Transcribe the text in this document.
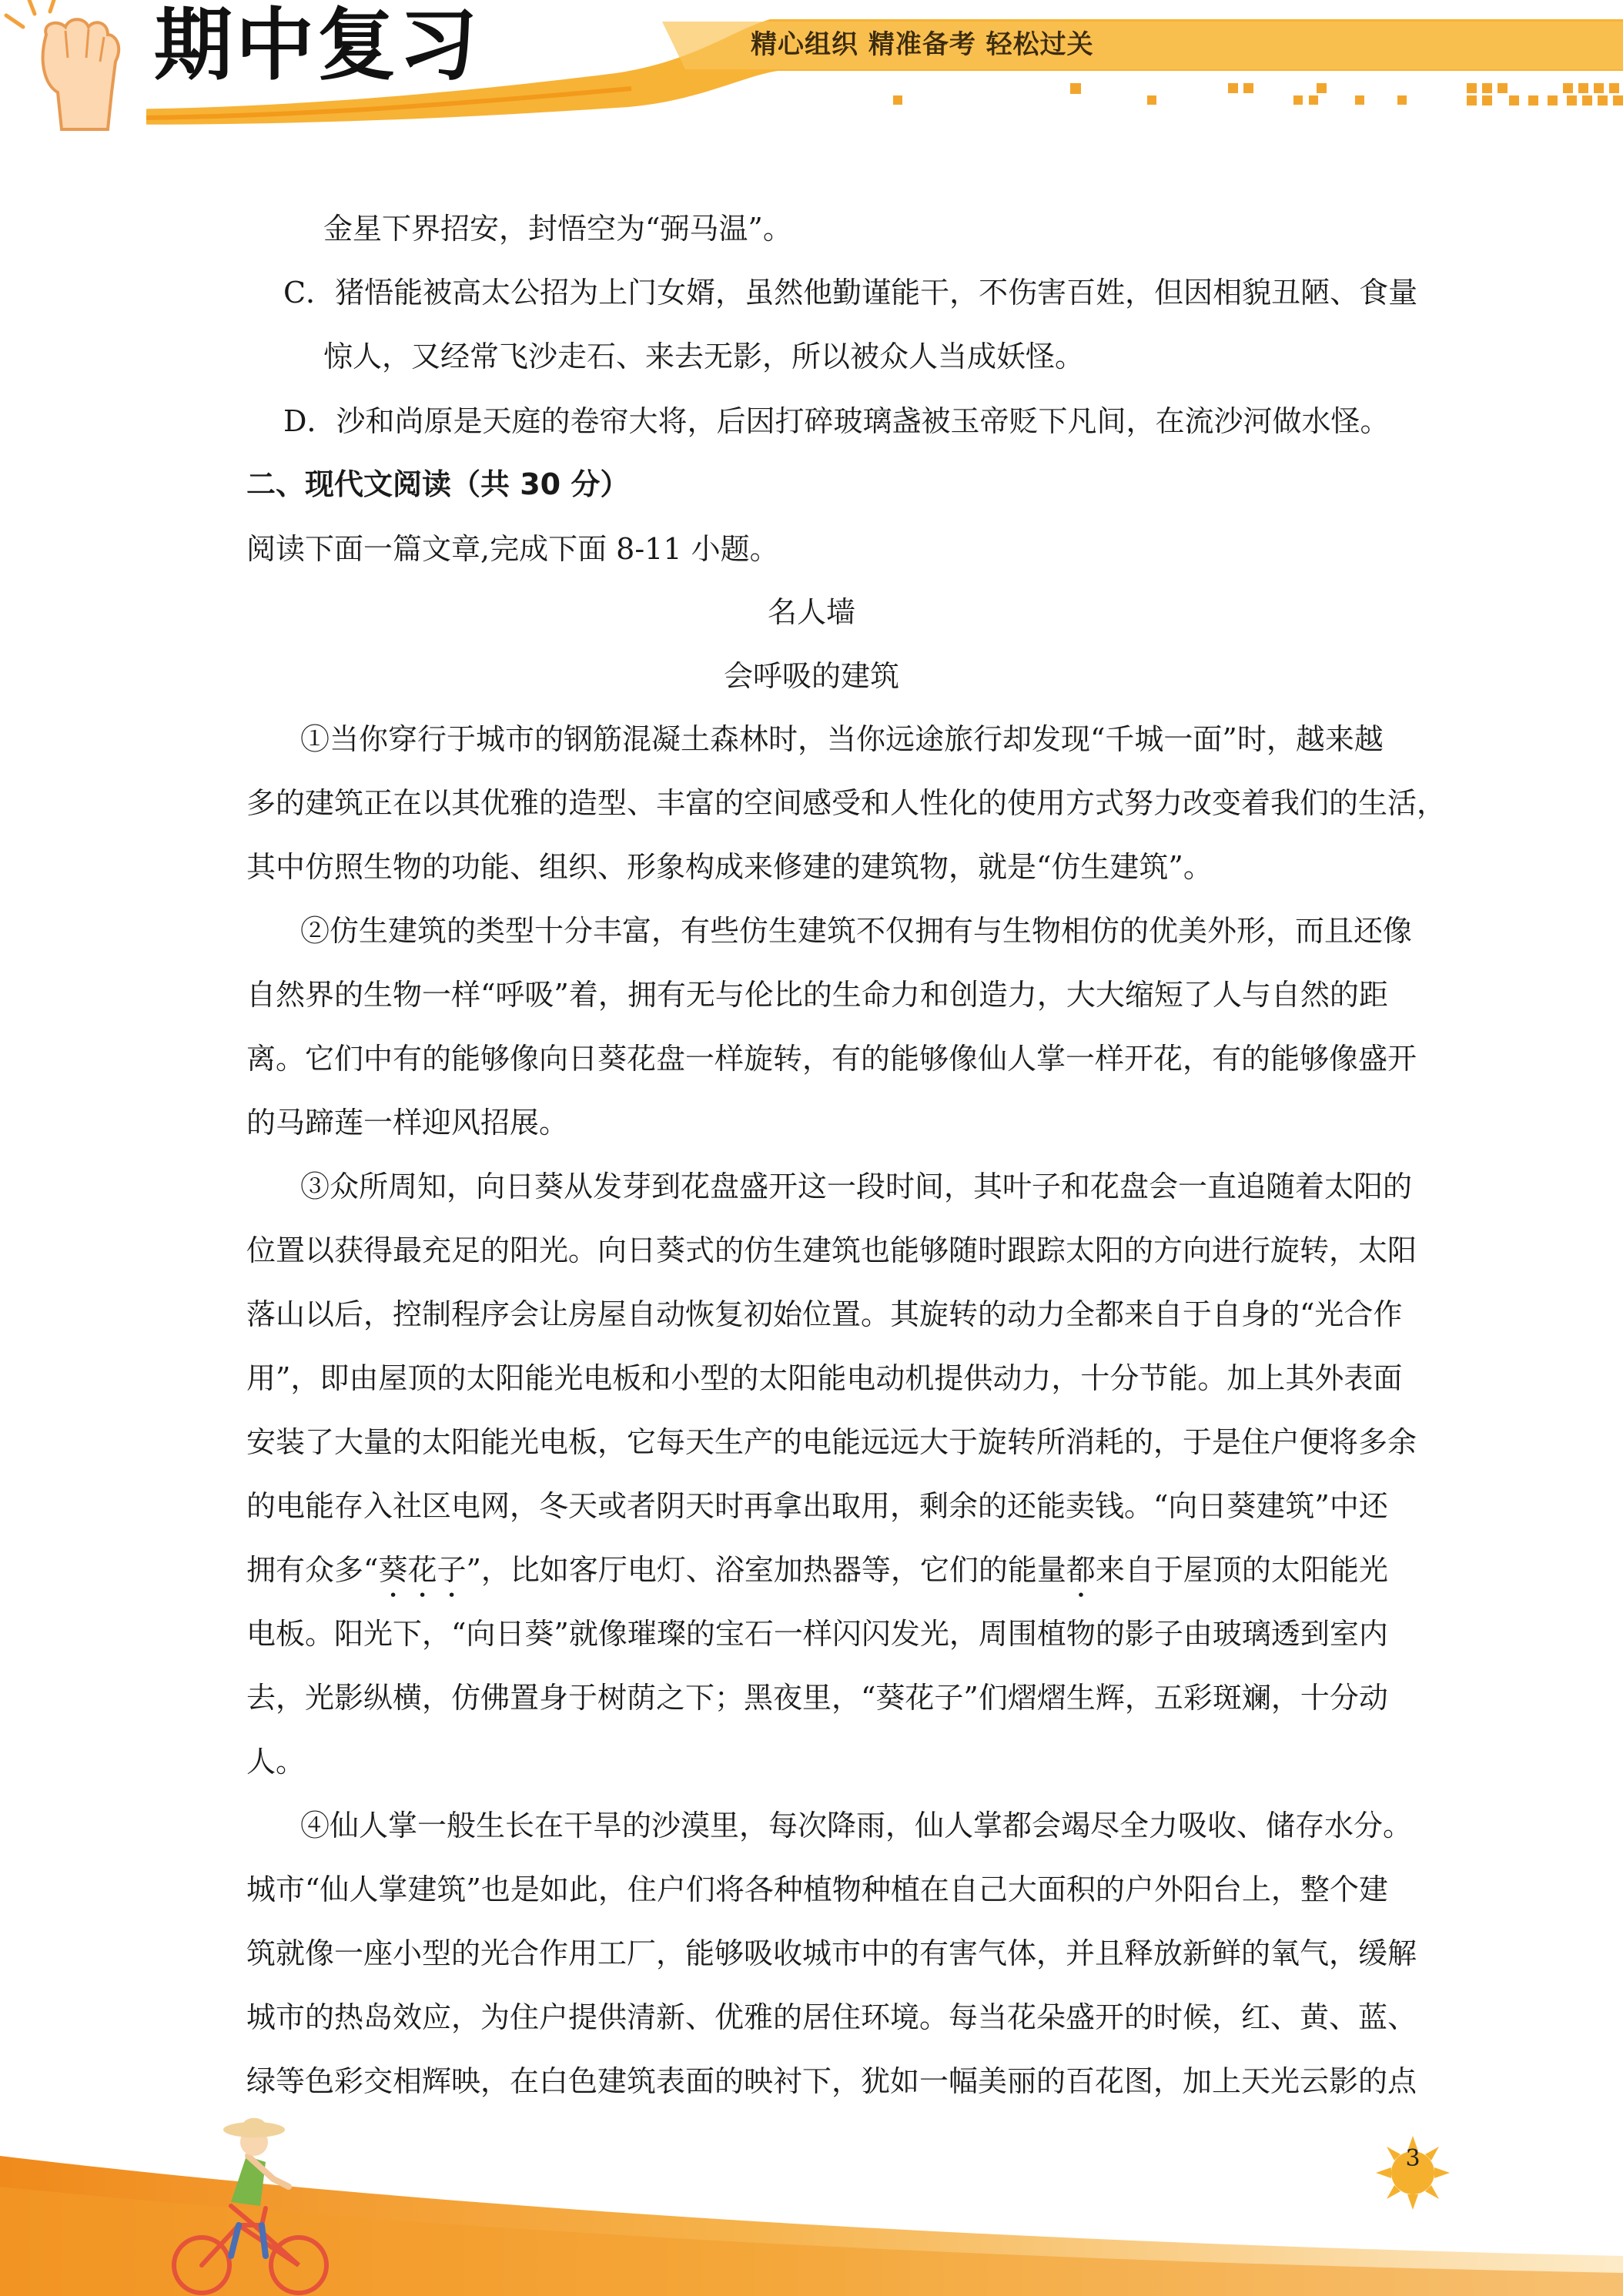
期中复习	精心组织 精准备考 轻松过关
金星下界招安，封悟空为“弼马温”。
C．猪悟能被高太公招为上门女婿，虽然他勤谨能干，不伤害百姓，但因相貌丑陋、食量
惊人，又经常飞沙走石、来去无影，所以被众人当成妖怪。
D．沙和尚原是天庭的卷帘大将，后因打碎玻璃盏被玉帝贬下凡间，在流沙河做水怪。
二、现代文阅读（共 30 分）
阅读下面一篇文章,完成下面 8-11 小题。
名人墙
会呼吸的建筑
①当你穿行于城市的钢筋混凝土森林时，当你远途旅行却发现“千城一面”时，越来越
多的建筑正在以其优雅的造型、丰富的空间感受和人性化的使用方式努力改变着我们的生活，
其中仿照生物的功能、组织、形象构成来修建的建筑物，就是“仿生建筑”。
②仿生建筑的类型十分丰富，有些仿生建筑不仅拥有与生物相仿的优美外形，而且还像
自然界的生物一样“呼吸”着，拥有无与伦比的生命力和创造力，大大缩短了人与自然的距
离。它们中有的能够像向日葵花盘一样旋转，有的能够像仙人掌一样开花，有的能够像盛开
的马蹄莲一样迎风招展。
③众所周知，向日葵从发芽到花盘盛开这一段时间，其叶子和花盘会一直追随着太阳的
位置以获得最充足的阳光。向日葵式的仿生建筑也能够随时跟踪太阳的方向进行旋转，太阳
落山以后，控制程序会让房屋自动恢复初始位置。其旋转的动力全都来自于自身的“光合作
用”，即由屋顶的太阳能光电板和小型的太阳能电动机提供动力，十分节能。加上其外表面
安装了大量的太阳能光电板，它每天生产的电能远远大于旋转所消耗的，于是住户便将多余
的电能存入社区电网，冬天或者阴天时再拿出取用，剩余的还能卖钱。“向日葵建筑”中还
拥有众多“葵花子”，比如客厅电灯、浴室加热器等，它们的能量都来自于屋顶的太阳能光
电板。阳光下，“向日葵”就像璀璨的宝石一样闪闪发光，周围植物的影子由玻璃透到室内
去，光影纵横，仿佛置身于树荫之下；黑夜里，“葵花子”们熠熠生辉，五彩斑斓，十分动
人。
④仙人掌一般生长在干旱的沙漠里，每次降雨，仙人掌都会竭尽全力吸收、储存水分。
城市“仙人掌建筑”也是如此，住户们将各种植物种植在自己大面积的户外阳台上，整个建
筑就像一座小型的光合作用工厂，能够吸收城市中的有害气体，并且释放新鲜的氧气，缓解
城市的热岛效应，为住户提供清新、优雅的居住环境。每当花朵盛开的时候，红、黄、蓝、
绿等色彩交相辉映，在白色建筑表面的映衬下，犹如一幅美丽的百花图，加上天光云影的点
3
